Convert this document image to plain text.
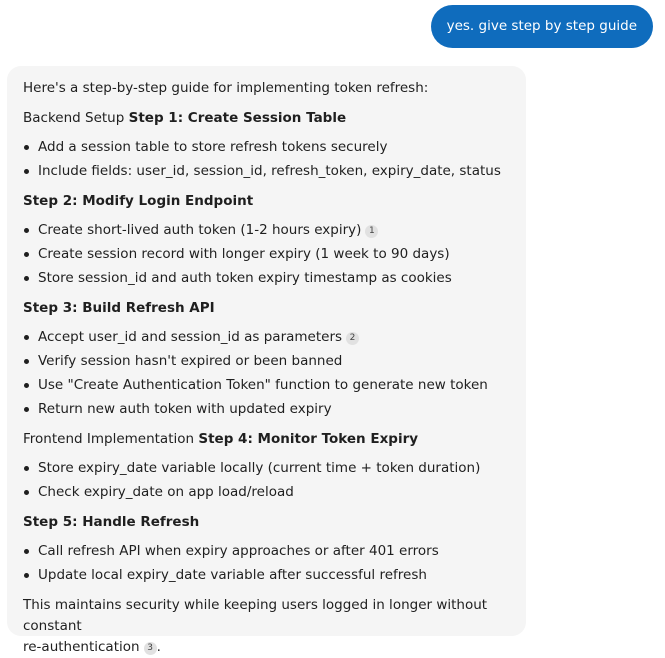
yes. give step by step guide

Here's a step-by-step guide for implementing token refresh:

Backend Setup Step 1: Create Session Table

Add a session table to store refresh tokens securely
Include fields: user_id, session_id, refresh_token, expiry_date, status

Step 2: Modify Login Endpoint

Create short-lived auth token (1-2 hours expiry) 1
Create session record with longer expiry (1 week to 90 days)
Store session_id and auth token expiry timestamp as cookies

Step 3: Build Refresh API

Accept user_id and session_id as parameters 2
Verify session hasn't expired or been banned
Use "Create Authentication Token" function to generate new token
Return new auth token with updated expiry

Frontend Implementation Step 4: Monitor Token Expiry

Store expiry_date variable locally (current time + token duration)
Check expiry_date on app load/reload

Step 5: Handle Refresh

Call refresh API when expiry approaches or after 401 errors
Update local expiry_date variable after successful refresh

This maintains security while keeping users logged in longer without constant
re-authentication 3 .
